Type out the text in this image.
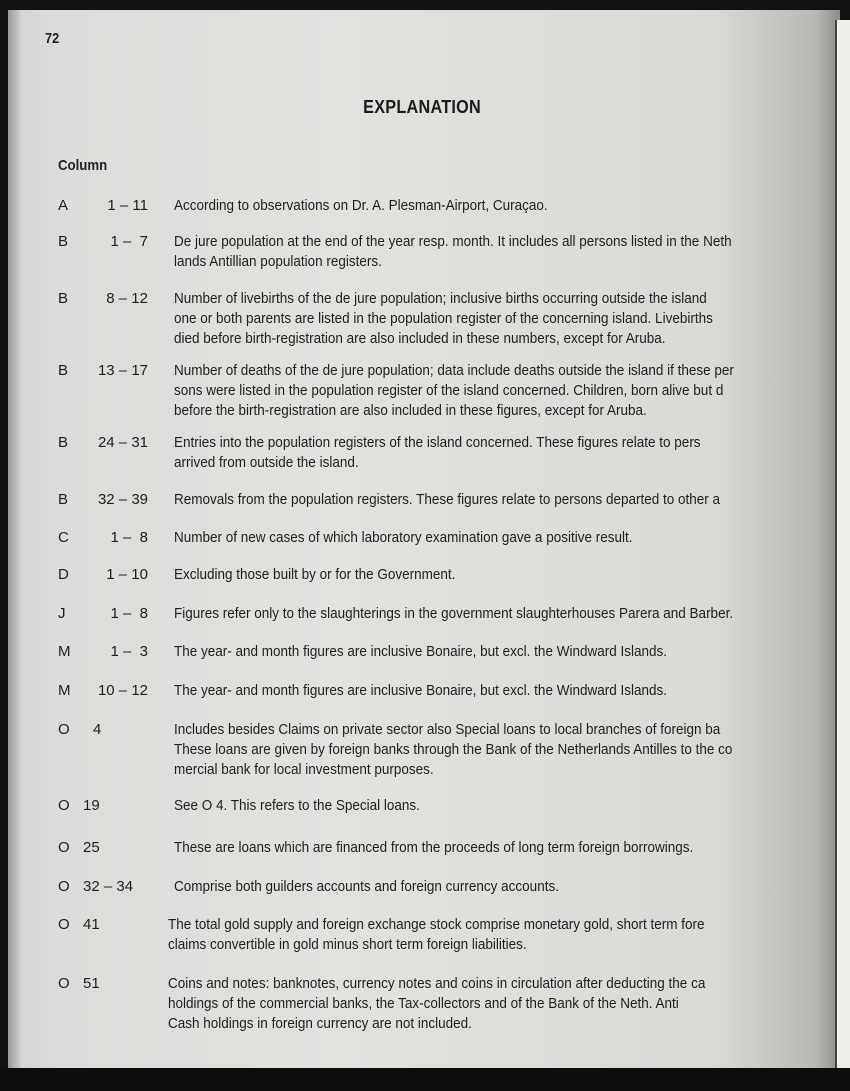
72
EXPLANATION
Column
A	1 – 11 According to observations on Dr. A. Plesman-Airport, Curaçao.
B	1 –  7 De jure population at the end of the year resp. month. It includes all persons listed in the Neth
lands Antillian population registers.
B	8 – 12 Number of livebirths of the de jure population; inclusive births occurring outside the island
one or both parents are listed in the population register of the concerning island. Livebirths
died before birth-registration are also included in these numbers, except for Aruba.
B	13 – 17 Number of deaths of the de jure population; data include deaths outside the island if these per
sons were listed in the population register of the island concerned. Children, born alive but d
before the birth-registration are also included in these figures, except for Aruba.
B	24 – 31 Entries into the population registers of the island concerned. These figures relate to pers
arrived from outside the island.
B	32 – 39 Removals from the population registers. These figures relate to persons departed to other a
C	1 –  8 Number of new cases of which laboratory examination gave a positive result.
D	1 – 10 Excluding those built by or for the Government.
J	1 –  8 Figures refer only to the slaughterings in the government slaughterhouses Parera and Barber.
M	1 –  3 The year- and month figures are inclusive Bonaire, but excl. the Windward Islands.
M	10 – 12 The year- and month figures are inclusive Bonaire, but excl. the Windward Islands.
O 4	Includes besides Claims on private sector also Special loans to local branches of foreign ba
These loans are given by foreign banks through the Bank of the Netherlands Antilles to the co
mercial bank for local investment purposes.
O 19	See O 4. This refers to the Special loans.
O 25	These are loans which are financed from the proceeds of long term foreign borrowings.
O 32 – 34	Comprise both guilders accounts and foreign currency accounts.
O 41	The total gold supply and foreign exchange stock comprise monetary gold, short term fore
claims convertible in gold minus short term foreign liabilities.
O 51	Coins and notes: banknotes, currency notes and coins in circulation after deducting the ca
holdings of the commercial banks, the Tax-collectors and of the Bank of the Neth. Anti
Cash holdings in foreign currency are not included.
